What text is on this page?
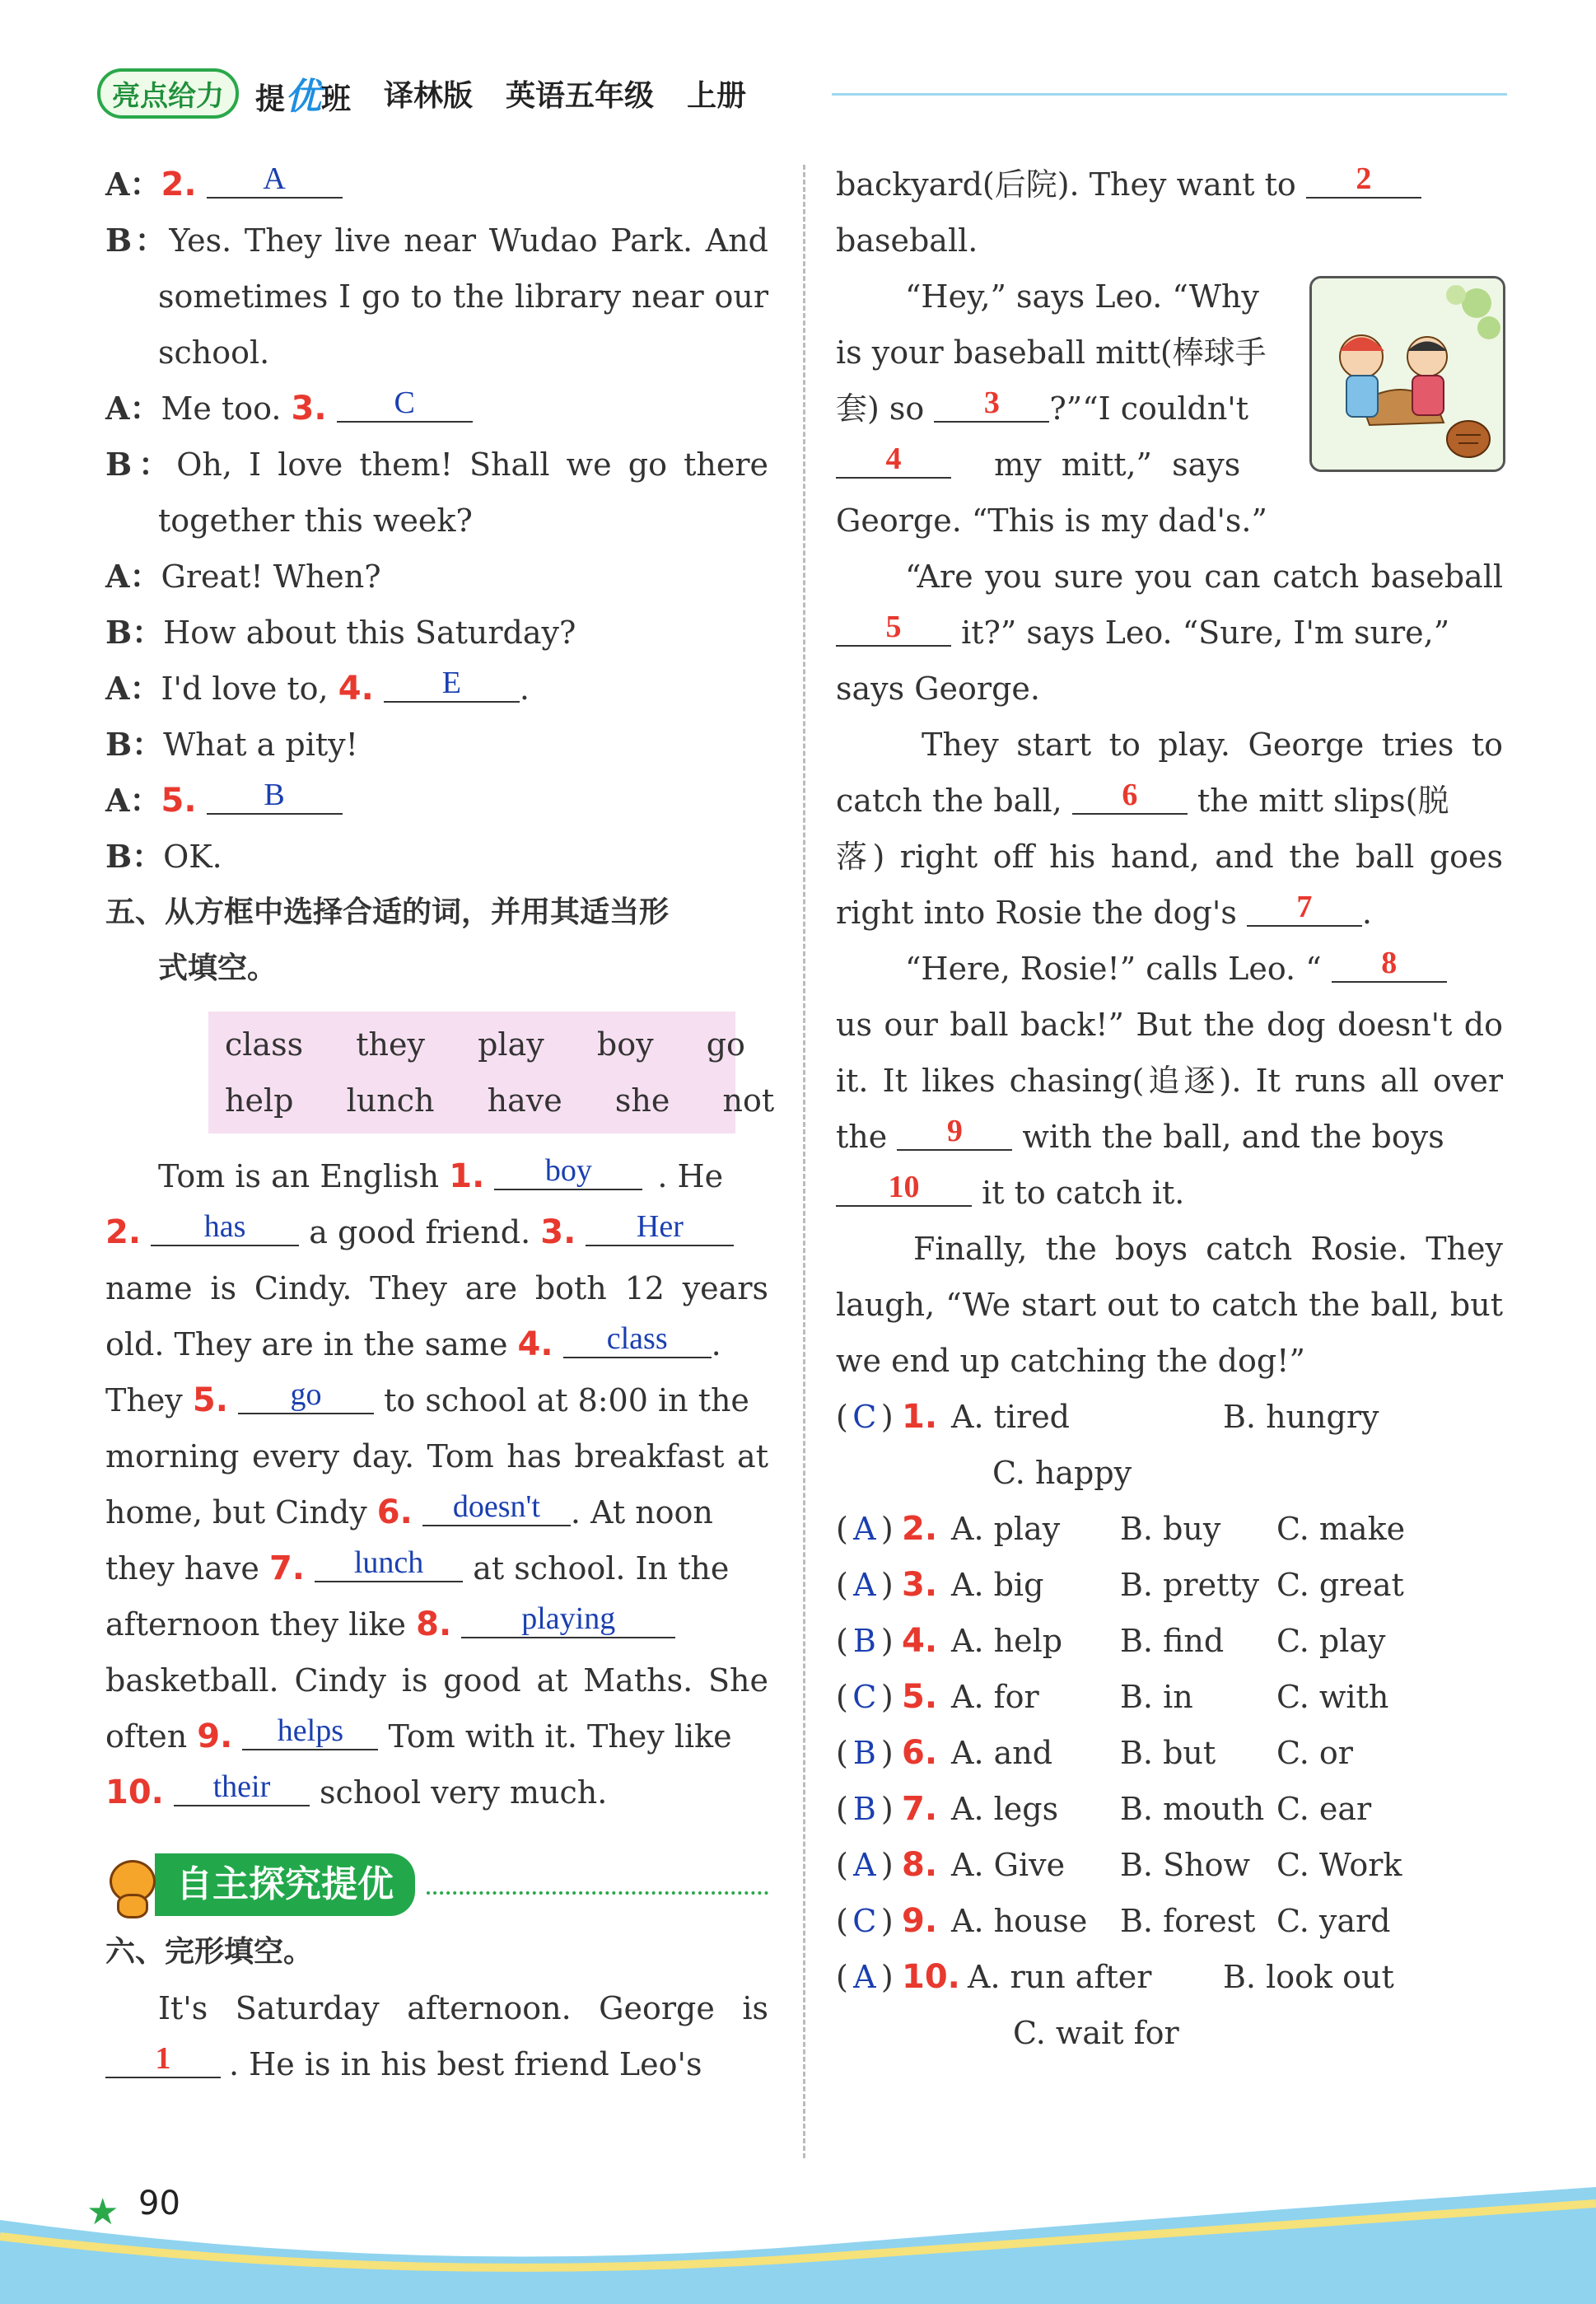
亮点给力	提优班 译林版 英语五年级 上册
A：2. A
B：Yes. They live near Wudao Park. And
sometimes I go to the library near our
school.
A：Me too. 3. C
B：Oh, I love them! Shall we go there
together this week?
A：Great! When?
B：How about this Saturday?
A：I'd love to, 4. E .
B：What a pity!
A：5. B
B：OK.
五、从方框中选择合适的词，并用其适当形
式填空。
class  they  play  boy  go
help  lunch  have  she  not
Tom is an English 1. boy . He
2. has a good friend. 3. Her
name is Cindy. They are both 12 years
old. They are in the same 4. class .
They 5. go to school at 8:00 in the
morning every day. Tom has breakfast at
home, but Cindy 6. doesn't . At noon
they have 7. lunch at school. In the
afternoon they like 8. playing
basketball. Cindy is good at Maths. She
often 9. helps Tom with it. They like
10. their school very much.
自主探究提优
六、完形填空。
It's Saturday afternoon. George is
1 . He is in his best friend Leo's
backyard(后院). They want to 2
baseball.
“Hey,” says Leo. “Why
is your baseball mitt(棒球手
套) so 3 ?”“I couldn't
4	my  mitt,”  says
George. “This is my dad's.”
“Are you sure you can catch baseball
5 it?” says Leo. “Sure, I'm sure,”
says George.
They start to play. George tries to
catch the ball, 6 the mitt slips(脱
落) right off his hand, and the ball goes
right into Rosie the dog's 7 .
“Here, Rosie!” calls Leo. “ 8
us our ball back!” But the dog doesn't do
it. It likes chasing(追逐). It runs all over
the 9 with the ball, and the boys
10 it to catch it.
Finally, the boys catch Rosie. They
laugh, “We start out to catch the ball, but
we end up catching the dog!”
( C ) 1. A. tired	B. hungry
C. happy
( A ) 2. A. play	B. buy	C. make
( A ) 3. A. big	B. pretty C. great
( B ) 4. A. help	B. find	C. play
( C ) 5. A. for	B. in	C. with
( B ) 6. A. and	B. but	C. or
( B ) 7. A. legs	B. mouth C. ear
( A ) 8. A. Give	B. Show C. Work
( C ) 9. A. house	B. forest C. yard
( A ) 10. A. run after	B. look out
C. wait for
★ 90
